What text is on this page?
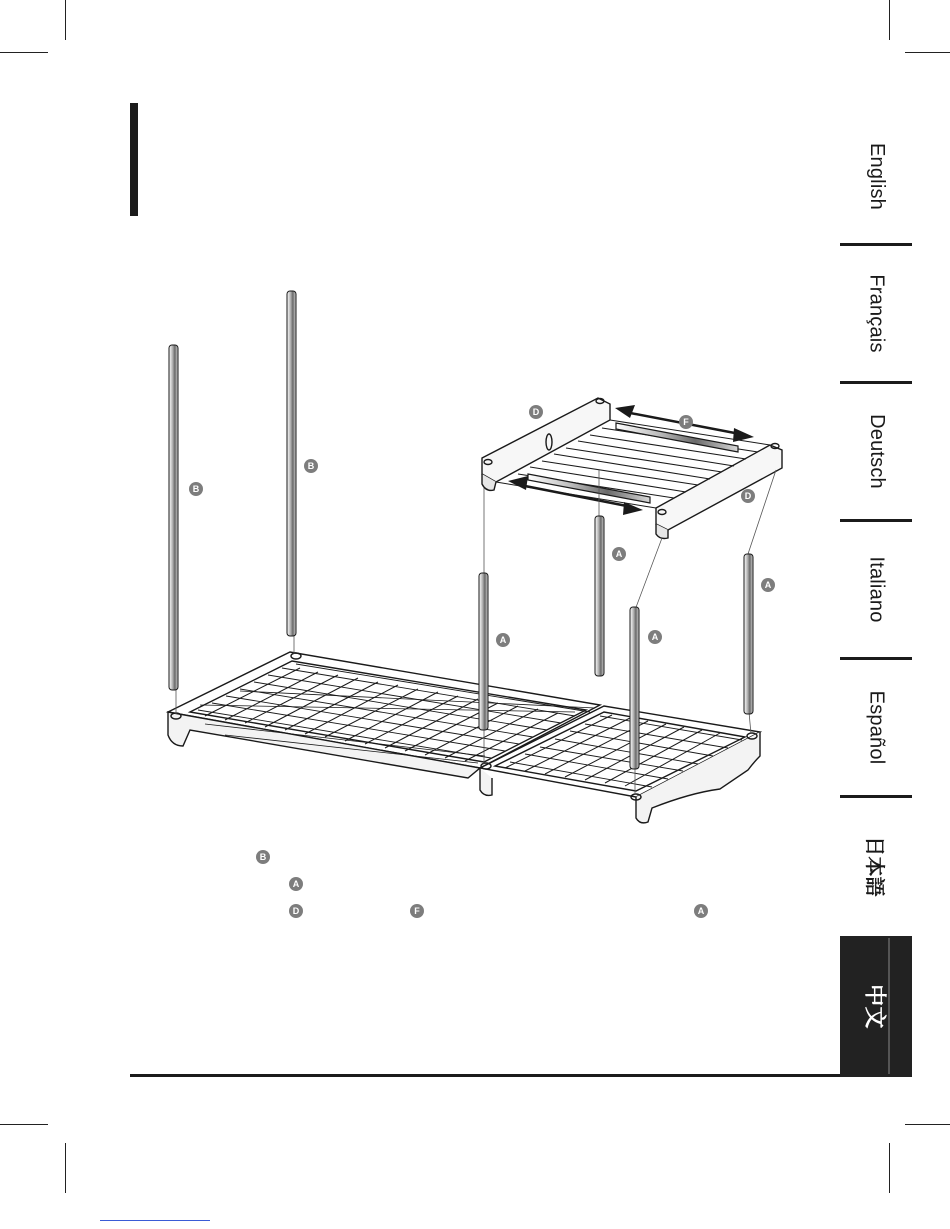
English
Français
Deutsch
Italiano
Español
日本語
中文
B
B
D
F
D
A
A
A	A
B
A
D	F	A
